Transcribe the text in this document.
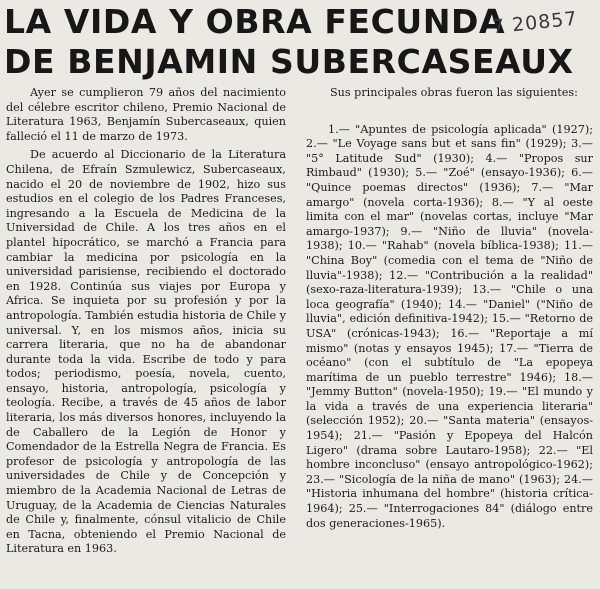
LA VIDA Y OBRA FECUNDA
DE BENJAMIN SUBERCASEAUX
7 20857

Ayer se cumplieron 79 años del nacimiento del célebre escritor chileno, Premio Nacional de Literatura 1963, Benjamín Subercaseaux, quien falleció el 11 de marzo de 1973.

De acuerdo al Diccionario de la Literatura Chilena, de Efraín Szmulewicz, Subercaseaux, nacido el 20 de noviembre de 1902, hizo sus estudios en el colegio de los Padres Franceses, ingresando a la Escuela de Medicina de la Universidad de Chile. A los tres años en el plantel hipocrático, se marchó a Francia para cambiar la medicina por psicología en la universidad parisiense, recibiendo el doctorado en 1928. Continúa sus viajes por Europa y Africa. Se inquieta por su profesión y por la antropología. También estudia historia de Chile y universal. Y, en los mismos años, inicia su carrera literaria, que no ha de abandonar durante toda la vida. Escribe de todo y para todos; periodismo, poesía, novela, cuento, ensayo, historia, antropología, psicología y teología. Recibe, a través de 45 años de labor literaria, los más diversos honores, incluyendo la de Caballero de la Legión de Honor y Comendador de la Estrella Negra de Francia. Es profesor de psicología y antropología de las universidades de Chile y de Concepción y miembro de la Academia Nacional de Letras de Uruguay, de la Academia de Ciencias Naturales de Chile y, finalmente, cónsul vitalicio de Chile en Tacna, obteniendo el Premio Nacional de Literatura en 1963.

Sus principales obras fueron las siguientes:

1.— "Apuntes de psicología aplicada" (1927); 2.— "Le Voyage sans but et sans fin" (1929); 3.— "5° Latitude Sud" (1930); 4.— "Propos sur Rimbaud" (1930); 5.— "Zoé" (ensayo-1936); 6.— "Quince poemas directos" (1936); 7.— "Mar amargo" (novela corta-1936); 8.— "Y al oeste limita con el mar" (novelas cortas, incluye "Mar amargo-1937); 9.— "Niño de lluvia" (novela-1938); 10.— "Rahab" (novela bíblica-1938); 11.— "China Boy" (comedia con el tema de "Niño de lluvia"-1938); 12.— "Contribución a la realidad" (sexo-raza-literatura-1939); 13.— "Chile o una loca geografía" (1940); 14.— "Daniel" ("Niño de lluvia", edición definitiva-1942); 15.— "Retorno de USA" (crónicas-1943); 16.— "Reportaje a mí mismo" (notas y ensayos 1945); 17.— "Tierra de océano" (con el subtítulo de "La epopeya marítima de un pueblo terrestre" 1946); 18.— "Jemmy Button" (novela-1950); 19.— "El mundo y la vida a través de una experiencia literaria" (selección 1952); 20.— "Santa materia" (ensayos-1954); 21.— "Pasión y Epopeya del Halcón Ligero" (drama sobre Lautaro-1958); 22.— "El hombre inconcluso" (ensayo antropológico-1962); 23.— "Sicología de la niña de mano" (1963); 24.— "Historia inhumana del hombre" (historia crítica-1964); 25.— "Interrogaciones 84" (diálogo entre dos generaciones-1965).
